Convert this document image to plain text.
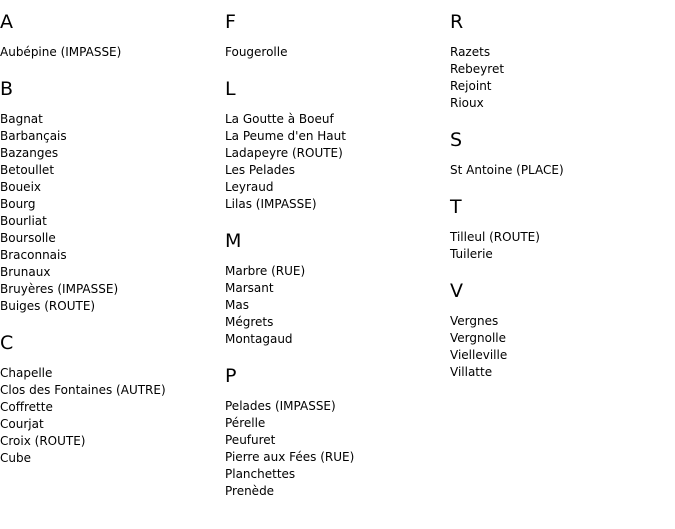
A
Aubépine (IMPASSE)
B
Bagnat
Barbançais
Bazanges
Betoullet
Boueix
Bourg
Bourliat
Boursolle
Braconnais
Brunaux
Bruyères (IMPASSE)
Buiges (ROUTE)
C
Chapelle
Clos des Fontaines (AUTRE)
Coffrette
Courjat
Croix (ROUTE)
Cube
F
Fougerolle
L
La Goutte à Boeuf
La Peume d'en Haut
Ladapeyre (ROUTE)
Les Pelades
Leyraud
Lilas (IMPASSE)
M
Marbre (RUE)
Marsant
Mas
Mégrets
Montagaud
P
Pelades (IMPASSE)
Pérelle
Peufuret
Pierre aux Fées (RUE)
Planchettes
Prenède
R
Razets
Rebeyret
Rejoint
Rioux
S
St Antoine (PLACE)
T
Tilleul (ROUTE)
Tuilerie
V
Vergnes
Vergnolle
Vielleville
Villatte
